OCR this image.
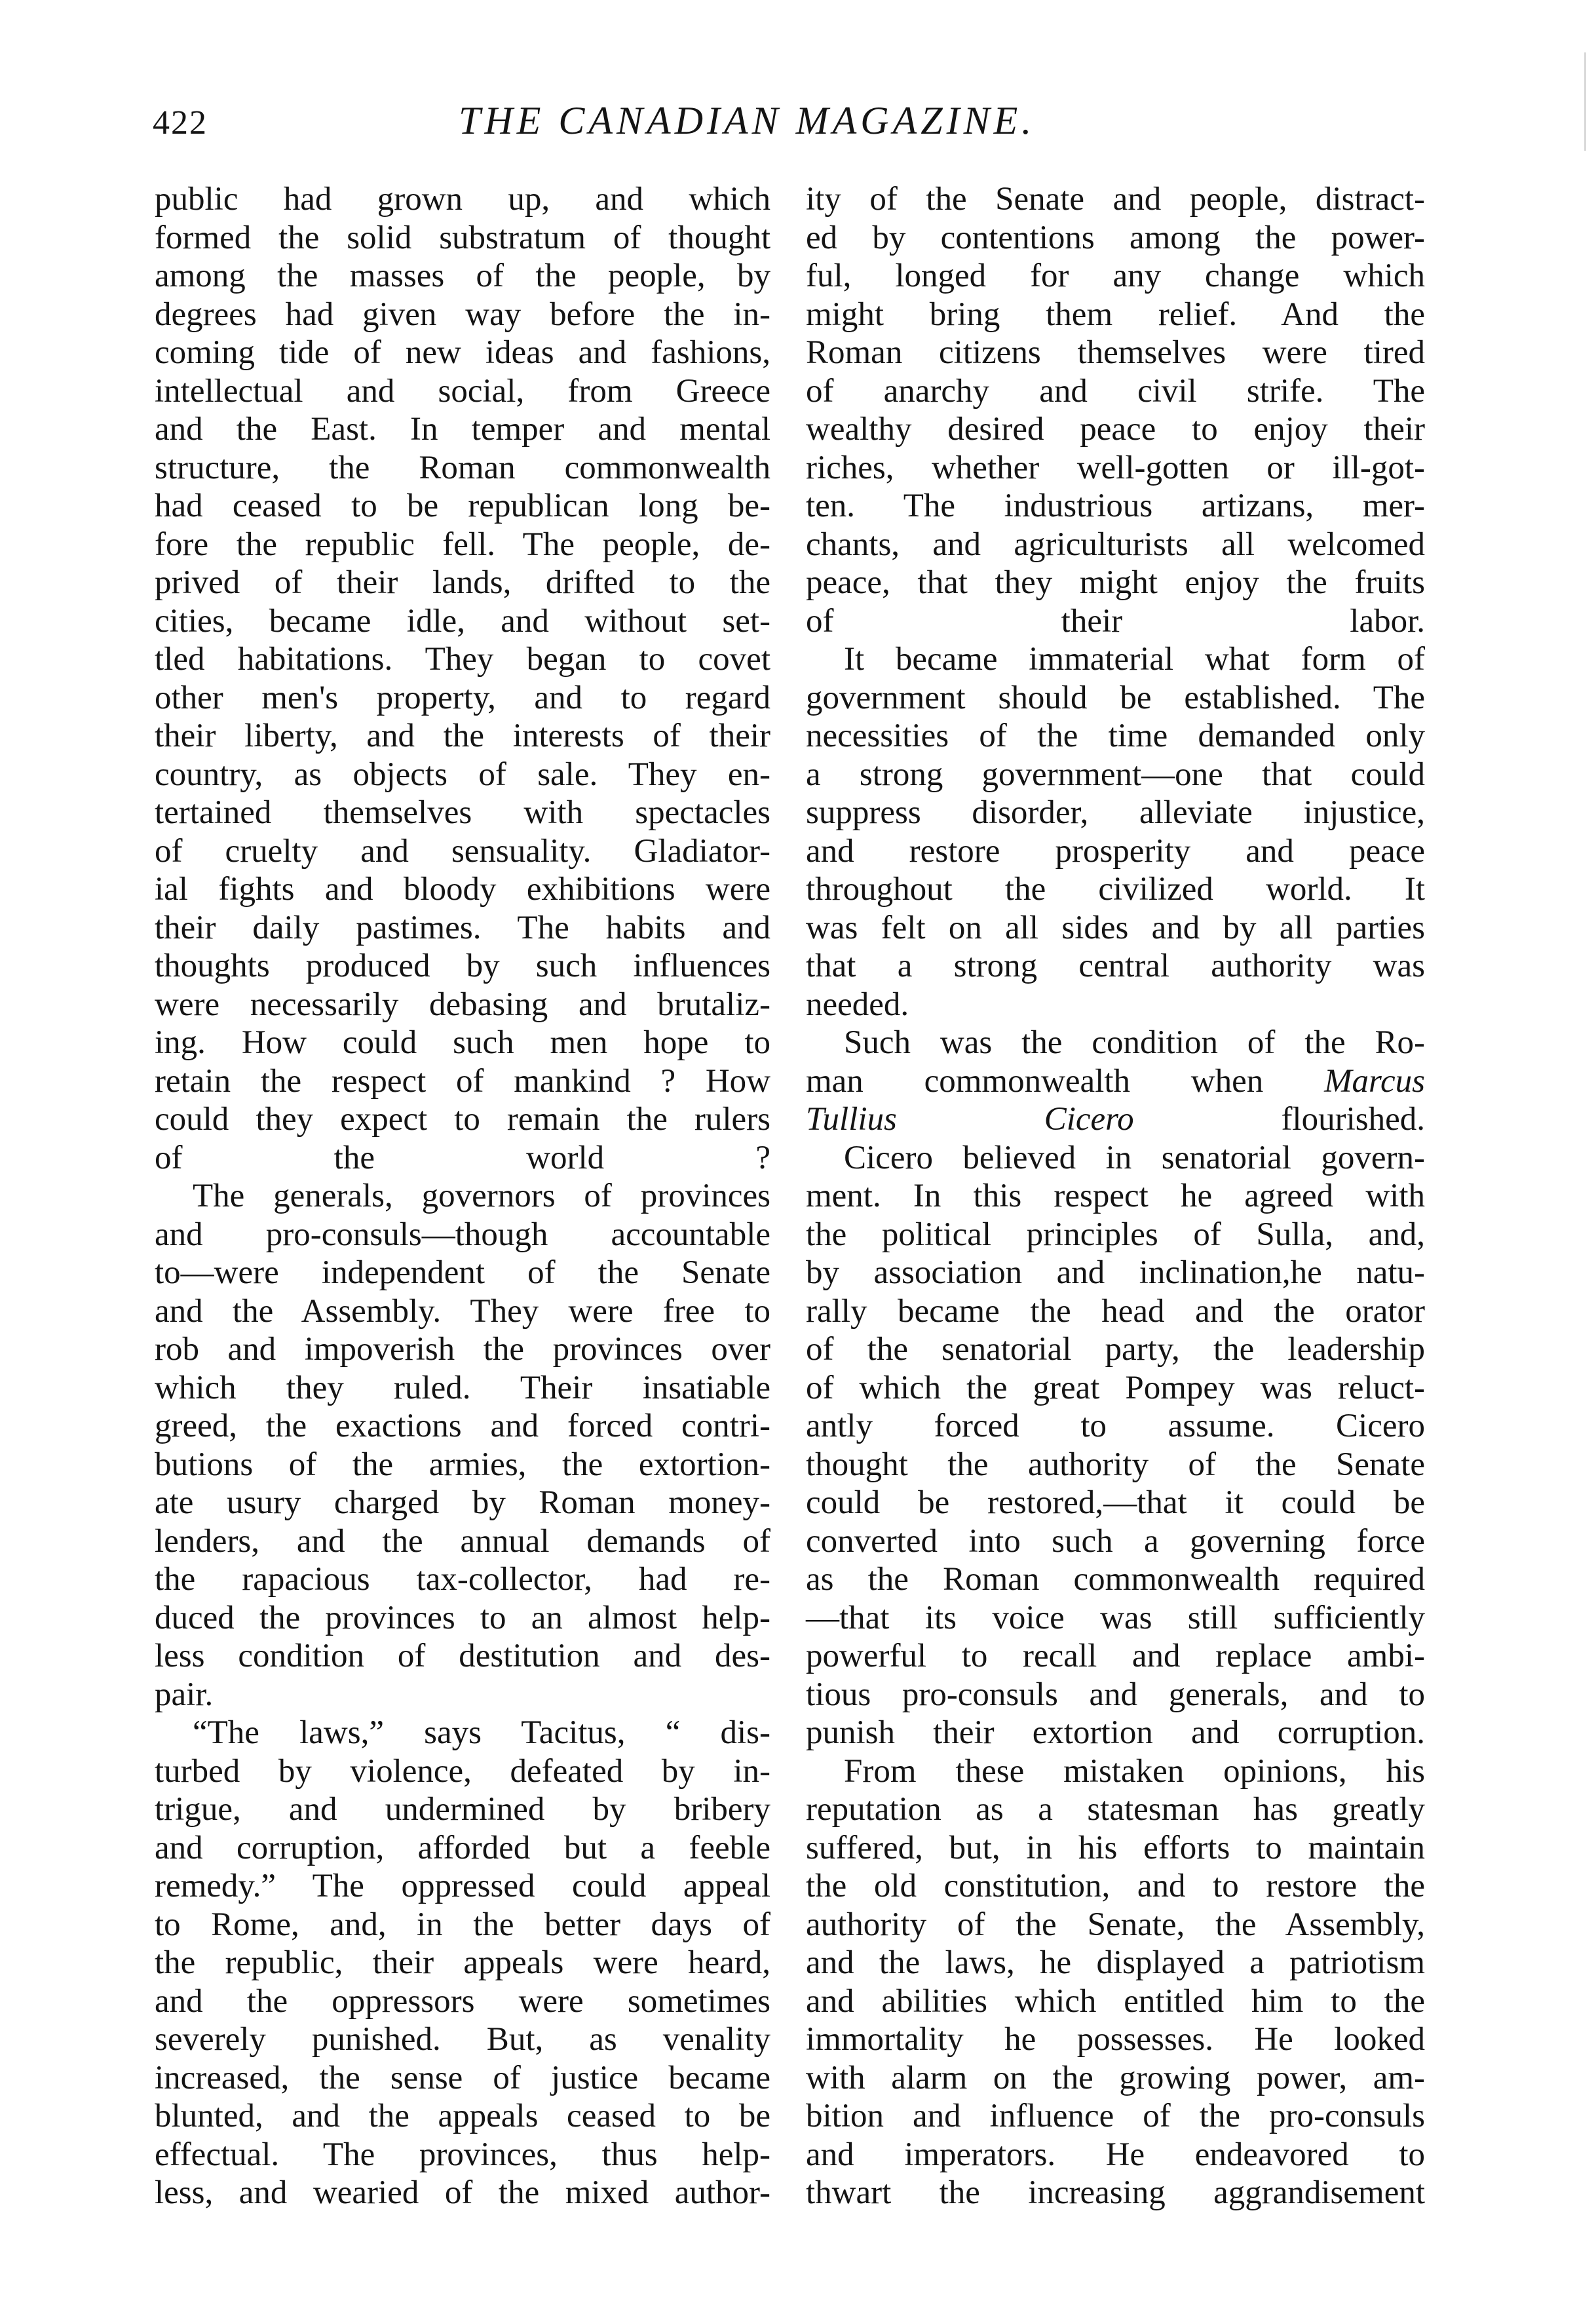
422	THE CANADIAN MAGAZINE.

public had grown up, and which
formed the solid substratum of thought
among the masses of the people, by
degrees had given way before the in-
coming tide of new ideas and fashions,
intellectual and social, from Greece
and the East. In temper and mental
structure, the Roman commonwealth
had ceased to be republican long be-
fore the republic fell. The people, de-
prived of their lands, drifted to the
cities, became idle, and without set-
tled habitations. They began to covet
other men's property, and to regard
their liberty, and the interests of their
country, as objects of sale. They en-
tertained themselves with spectacles
of cruelty and sensuality. Gladiator-
ial fights and bloody exhibitions were
their daily pastimes. The habits and
thoughts produced by such influences
were necessarily debasing and brutaliz-
ing. How could such men hope to
retain the respect of mankind ? How
could they expect to remain the rulers
of the world ?

The generals, governors of provinces
and pro-consuls—though accountable
to—were independent of the Senate
and the Assembly. They were free to
rob and impoverish the provinces over
which they ruled. Their insatiable
greed, the exactions and forced contri-
butions of the armies, the extortion-
ate usury charged by Roman money-
lenders, and the annual demands of
the rapacious tax-collector, had re-
duced the provinces to an almost help-
less condition of destitution and des-
pair.

“The laws,” says Tacitus, “ dis-
turbed by violence, defeated by in-
trigue, and undermined by bribery
and corruption, afforded but a feeble
remedy.” The oppressed could appeal
to Rome, and, in the better days of
the republic, their appeals were heard,
and the oppressors were sometimes
severely punished. But, as venality
increased, the sense of justice became
blunted, and the appeals ceased to be
effectual. The provinces, thus help-
less, and wearied of the mixed author-

ity of the Senate and people, distract-
ed by contentions among the power-
ful, longed for any change which
might bring them relief. And the
Roman citizens themselves were tired
of anarchy and civil strife. The
wealthy desired peace to enjoy their
riches, whether well-gotten or ill-got-
ten. The industrious artizans, mer-
chants, and agriculturists all welcomed
peace, that they might enjoy the fruits
of their labor.

It became immaterial what form of
government should be established. The
necessities of the time demanded only
a strong government—one that could
suppress disorder, alleviate injustice,
and restore prosperity and peace
throughout the civilized world. It
was felt on all sides and by all parties
that a strong central authority was
needed.

Such was the condition of the Ro-
man commonwealth when Marcus
Tullius Cicero flourished.

Cicero believed in senatorial govern-
ment. In this respect he agreed with
the political principles of Sulla, and,
by association and inclination,he natu-
rally became the head and the orator
of the senatorial party, the leadership
of which the great Pompey was reluct-
antly forced to assume. Cicero
thought the authority of the Senate
could be restored,—that it could be
converted into such a governing force
as the Roman commonwealth required
—that its voice was still sufficiently
powerful to recall and replace ambi-
tious pro-consuls and generals, and to
punish their extortion and corruption.

From these mistaken opinions, his
reputation as a statesman has greatly
suffered, but, in his efforts to maintain
the old constitution, and to restore the
authority of the Senate, the Assembly,
and the laws, he displayed a patriotism
and abilities which entitled him to the
immortality he possesses. He looked
with alarm on the growing power, am-
bition and influence of the pro-consuls
and imperators. He endeavored to
thwart the increasing aggrandisement
